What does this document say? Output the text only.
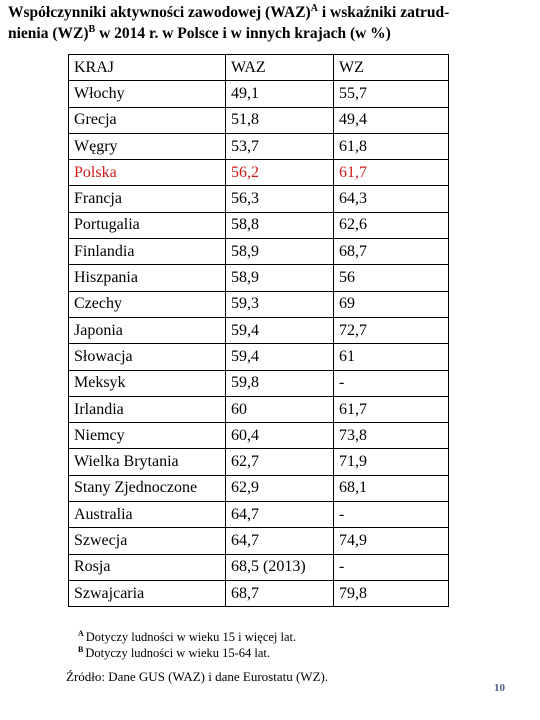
Współczynniki aktywności zawodowej (WAZ)$^A$ i wskaźniki zatrud-
nienia (WZ)$^B$ w 2014 r. w Polsce i w innych krajach (w %)
KRAJ	WAZ	WZ
Włochy	49,1	55,7
Grecja	51,8	49,4
Węgry	53,7	61,8
Polska	56,2	61,7
Francja	56,3	64,3
Portugalia	58,8	62,6
Finlandia	58,9	68,7
Hiszpania	58,9	56
Czechy	59,3	69
Japonia	59,4	72,7
Słowacja	59,4	61
Meksyk	59,8	-
Irlandia	60	61,7
Niemcy	60,4	73,8
Wielka Brytania	62,7	71,9
Stany Zjednoczone	62,9	68,1
Australia	64,7	-
Szwecja	64,7	74,9
Rosja	68,5 (2013)	-
Szwajcaria	68,7	79,8
$^A$ Dotyczy ludności w wieku 15 i więcej lat.
$^B$ Dotyczy ludności w wieku 15-64 lat.
Źródło: Dane GUS (WAZ) i dane Eurostatu (WZ).
10
